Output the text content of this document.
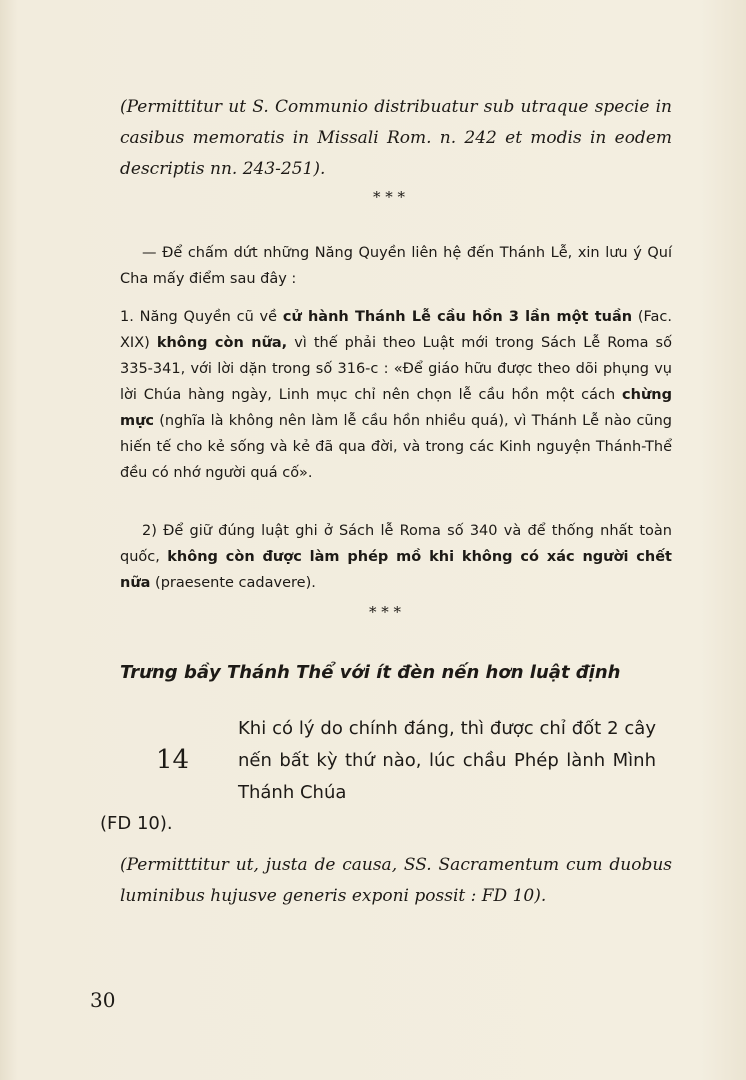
(Permittitur ut S. Communio distribuatur sub utraque specie in casibus memoratis in Missali Rom. n. 242 et modis in eodem descriptis nn. 243-251).

* * *

— Để chấm dứt những Năng Quyền liên hệ đến Thánh Lễ, xin lưu ý Quí Cha mấy điểm sau đây :

1. Năng Quyền cũ về cử hành Thánh Lễ cầu hồn 3 lần một tuần (Fac. XIX) không còn nữa, vì thế phải theo Luật mới trong Sách Lễ Roma số 335-341, với lời dặn trong số 316-c : «Để giáo hữu được theo dõi phụng vụ lời Chúa hàng ngày, Linh mục chỉ nên chọn lễ cầu hồn một cách chừng mực (nghĩa là không nên làm lễ cầu hồn nhiều quá), vì Thánh Lễ nào cũng hiến tế cho kẻ sống và kẻ đã qua đời, và trong các Kinh nguyện Thánh-Thể đều có nhớ người quá cố».

2) Để giữ đúng luật ghi ở Sách lễ Roma số 340 và để thống nhất toàn quốc, không còn được làm phép mồ khi không có xác người chết nữa (praesente cadavere).

* * *
Trưng bầy Thánh Thể với ít đèn nến hơn luật định
14

Khi có lý do chính đáng, thì được chỉ đốt 2 cây nến bất kỳ thứ nào, lúc chầu Phép lành Mình Thánh Chúa

(FD 10).

(Permitttitur ut, justa de causa, SS. Sacramentum cum duobus luminibus hujusve generis exponi possit : FD 10).

30
